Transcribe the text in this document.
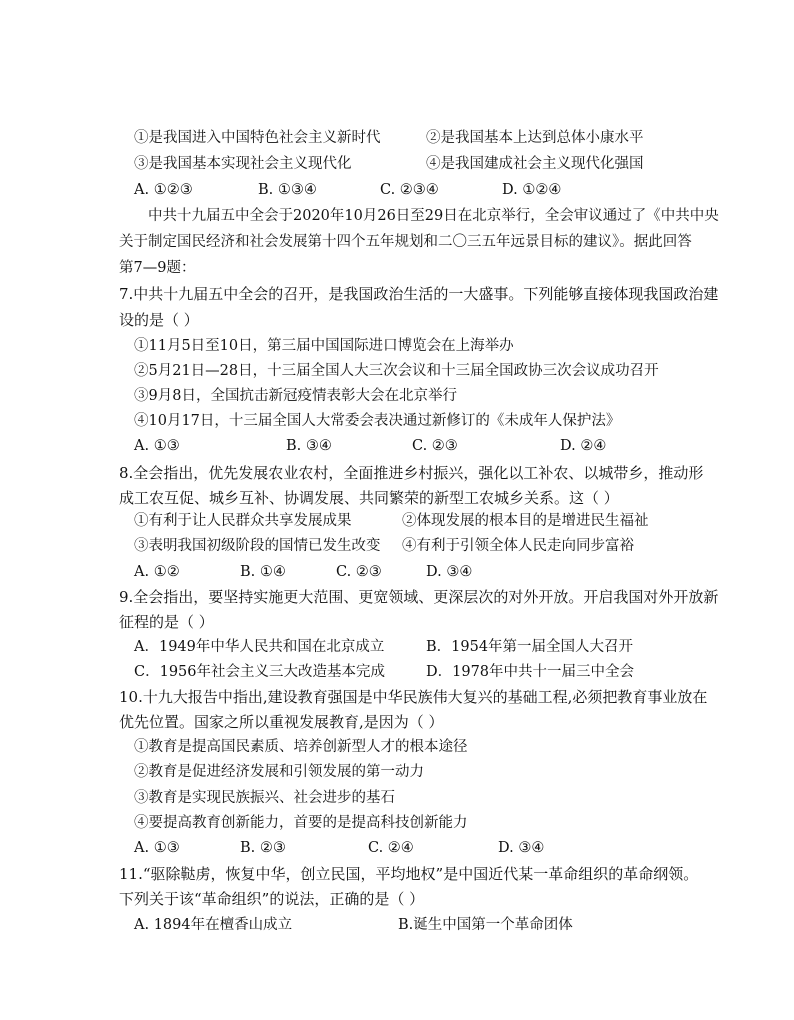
①是我国进入中国特色社会主义新时代	②是我国基本上达到总体小康水平
③是我国基本实现社会主义现代化	④是我国建成社会主义现代化强国
A. ①②③	B. ①③④	C. ②③④	D. ①②④
中共十九届五中全会于2020年10月26日至29日在北京举行，全会审议通过了《中共中央
关于制定国民经济和社会发展第十四个五年规划和二〇三五年远景目标的建议》。据此回答
第7—9题：
7.中共十九届五中全会的召开，是我国政治生活的一大盛事。下列能够直接体现我国政治建
设的是（ ）
①11月5日至10日，第三届中国国际进口博览会在上海举办
②5月21日—28日，十三届全国人大三次会议和十三届全国政协三次会议成功召开
③9月8日，全国抗击新冠疫情表彰大会在北京举行
④10月17日，十三届全国人大常委会表决通过新修订的《未成年人保护法》
A. ①③	B. ③④	C. ②③	D. ②④
8.全会指出，优先发展农业农村，全面推进乡村振兴，强化以工补农、以城带乡，推动形
成工农互促、城乡互补、协调发展、共同繁荣的新型工农城乡关系。这（ ）
①有利于让人民群众共享发展成果	②体现发展的根本目的是增进民生福祉
③表明我国初级阶段的国情已发生改变 ④有利于引领全体人民走向同步富裕
A. ①②	B. ①④	C. ②③	D. ③④
9.全会指出，要坚持实施更大范围、更宽领域、更深层次的对外开放。开启我国对外开放新
征程的是（ ）
A．1949年中华人民共和国在北京成立	B．1954年第一届全国人大召开
C．1956年社会主义三大改造基本完成	D．1978年中共十一届三中全会
10.十九大报告中指出,建设教育强国是中华民族伟大复兴的基础工程,必须把教育事业放在
优先位置。国家之所以重视发展教育,是因为（ ）
①教育是提高国民素质、培养创新型人才的根本途径
②教育是促进经济发展和引领发展的第一动力
③教育是实现民族振兴、社会进步的基石
④要提高教育创新能力，首要的是提高科技创新能力
A. ①③	B. ②③	C. ②④	D. ③④
11.“驱除鞑虏，恢复中华，创立民国，平均地权”是中国近代某一革命组织的革命纲领。
下列关于该“革命组织”的说法，正确的是（ ）
A. 1894年在檀香山成立	B.诞生中国第一个革命团体
